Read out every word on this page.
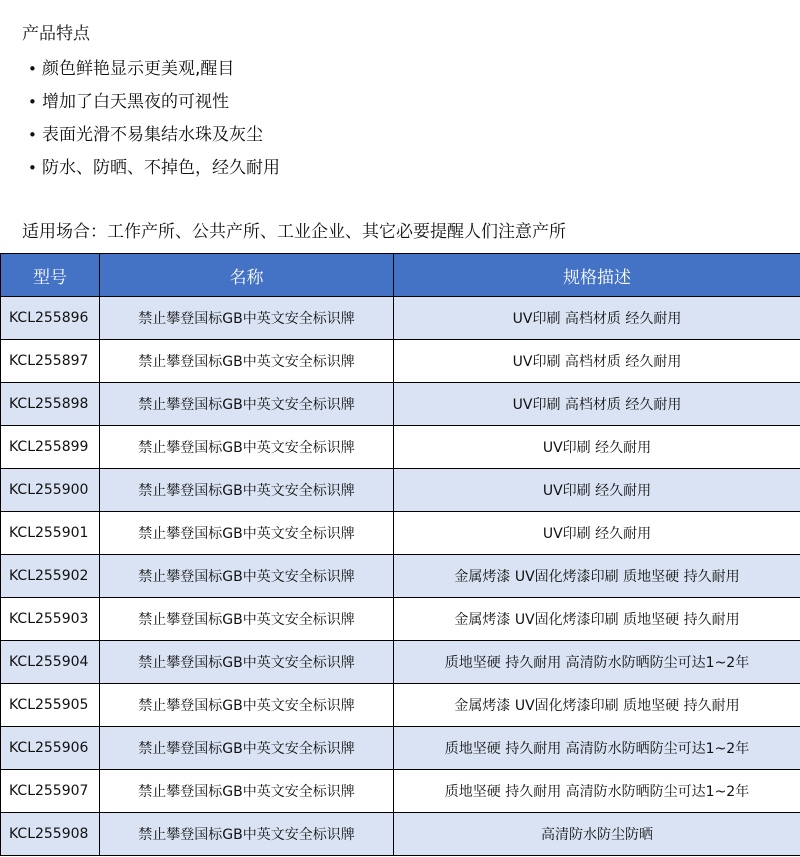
产品特点
• 颜色鲜艳显示更美观,醒目
• 增加了白天黑夜的可视性
• 表面光滑不易集结水珠及灰尘
• 防水、防晒、不掉色，经久耐用
适用场合：工作产所、公共产所、工业企业、其它必要提醒人们注意产所
型号	名称	规格描述
KCL255896	禁止攀登国标GB中英文安全标识牌	UV印刷 高档材质 经久耐用
KCL255897	禁止攀登国标GB中英文安全标识牌	UV印刷 高档材质 经久耐用
KCL255898	禁止攀登国标GB中英文安全标识牌	UV印刷 高档材质 经久耐用
KCL255899	禁止攀登国标GB中英文安全标识牌	UV印刷 经久耐用
KCL255900	禁止攀登国标GB中英文安全标识牌	UV印刷 经久耐用
KCL255901	禁止攀登国标GB中英文安全标识牌	UV印刷 经久耐用
KCL255902	禁止攀登国标GB中英文安全标识牌	金属烤漆 UV固化烤漆印刷 质地坚硬 持久耐用
KCL255903	禁止攀登国标GB中英文安全标识牌	金属烤漆 UV固化烤漆印刷 质地坚硬 持久耐用
KCL255904	禁止攀登国标GB中英文安全标识牌	质地坚硬 持久耐用 高清防水防晒防尘可达1~2年
KCL255905	禁止攀登国标GB中英文安全标识牌	金属烤漆 UV固化烤漆印刷 质地坚硬 持久耐用
KCL255906	禁止攀登国标GB中英文安全标识牌	质地坚硬 持久耐用 高清防水防晒防尘可达1~2年
KCL255907	禁止攀登国标GB中英文安全标识牌	质地坚硬 持久耐用 高清防水防晒防尘可达1~2年
KCL255908	禁止攀登国标GB中英文安全标识牌	高清防水防尘防晒
